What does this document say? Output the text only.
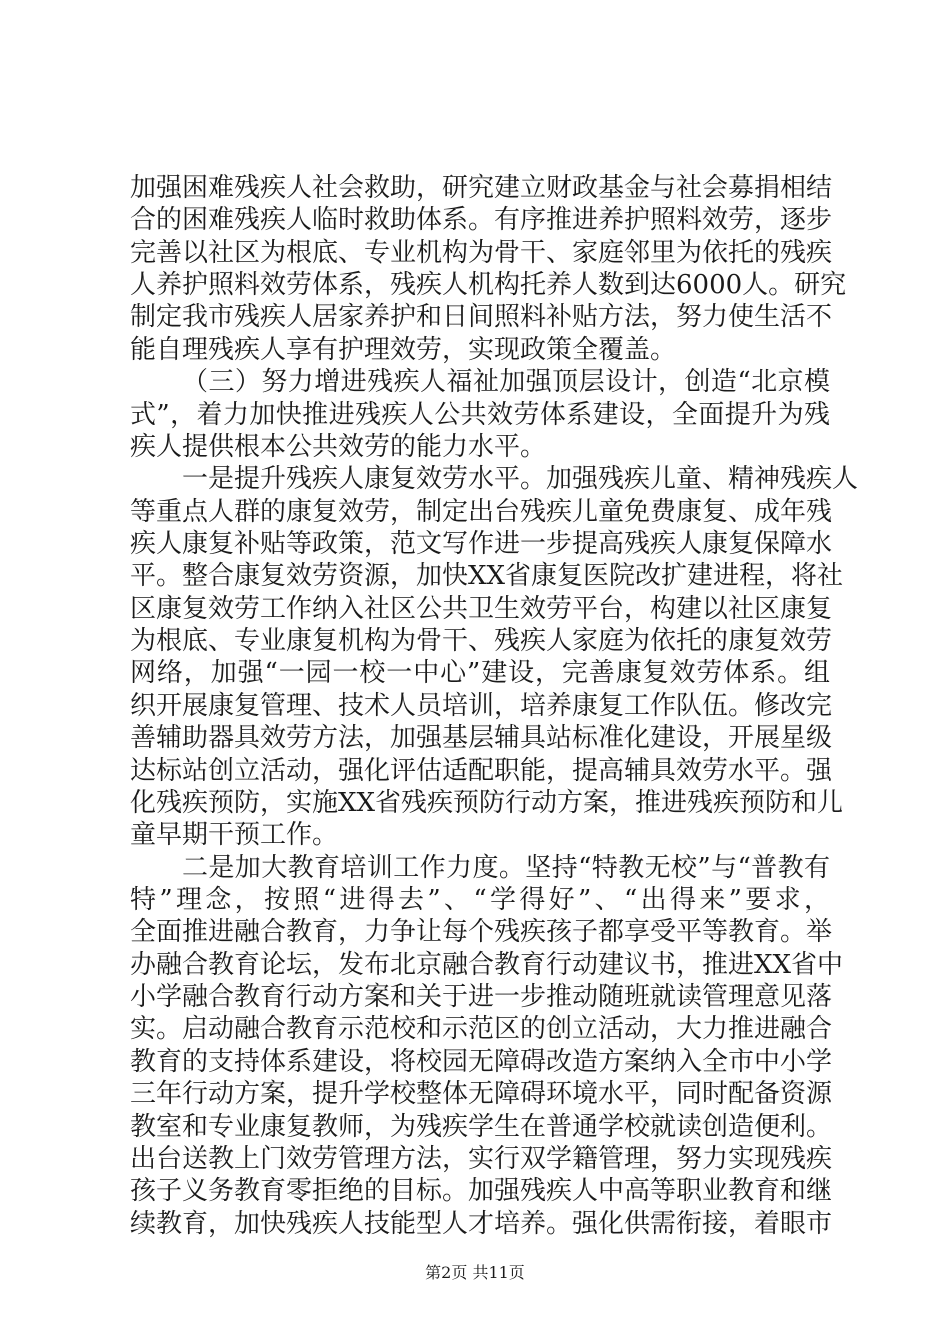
加强困难残疾人社会救助，研究建立财政基金与社会募捐相结
合的困难残疾人临时救助体系。有序推进养护照料效劳，逐步
完善以社区为根底、专业机构为骨干、家庭邻里为依托的残疾
人养护照料效劳体系，残疾人机构托养人数到达6000人。研究
制定我市残疾人居家养护和日间照料补贴方法，努力使生活不
能自理残疾人享有护理效劳，实现政策全覆盖。
（三）努力增进残疾人福祉加强顶层设计，创造“北京模
式”，着力加快推进残疾人公共效劳体系建设，全面提升为残
疾人提供根本公共效劳的能力水平。
一是提升残疾人康复效劳水平。加强残疾儿童、精神残疾人
等重点人群的康复效劳，制定出台残疾儿童免费康复、成年残
疾人康复补贴等政策，范文写作进一步提高残疾人康复保障水
平。整合康复效劳资源，加快XX省康复医院改扩建进程，将社
区康复效劳工作纳入社区公共卫生效劳平台，构建以社区康复
为根底、专业康复机构为骨干、残疾人家庭为依托的康复效劳
网络，加强“一园一校一中心”建设，完善康复效劳体系。组
织开展康复管理、技术人员培训，培养康复工作队伍。修改完
善辅助器具效劳方法，加强基层辅具站标准化建设，开展星级
达标站创立活动，强化评估适配职能，提高辅具效劳水平。强
化残疾预防，实施XX省残疾预防行动方案，推进残疾预防和儿
童早期干预工作。
二是加大教育培训工作力度。坚持“特教无校”与“普教有
特”理念，按照“进得去”、“学得好”、“出得来”要求，
全面推进融合教育，力争让每个残疾孩子都享受平等教育。举
办融合教育论坛，发布北京融合教育行动建议书，推进XX省中
小学融合教育行动方案和关于进一步推动随班就读管理意见落
实。启动融合教育示范校和示范区的创立活动，大力推进融合
教育的支持体系建设，将校园无障碍改造方案纳入全市中小学
三年行动方案，提升学校整体无障碍环境水平，同时配备资源
教室和专业康复教师，为残疾学生在普通学校就读创造便利。
出台送教上门效劳管理方法，实行双学籍管理，努力实现残疾
孩子义务教育零拒绝的目标。加强残疾人中高等职业教育和继
续教育，加快残疾人技能型人才培养。强化供需衔接，着眼市
第2页 共11页
